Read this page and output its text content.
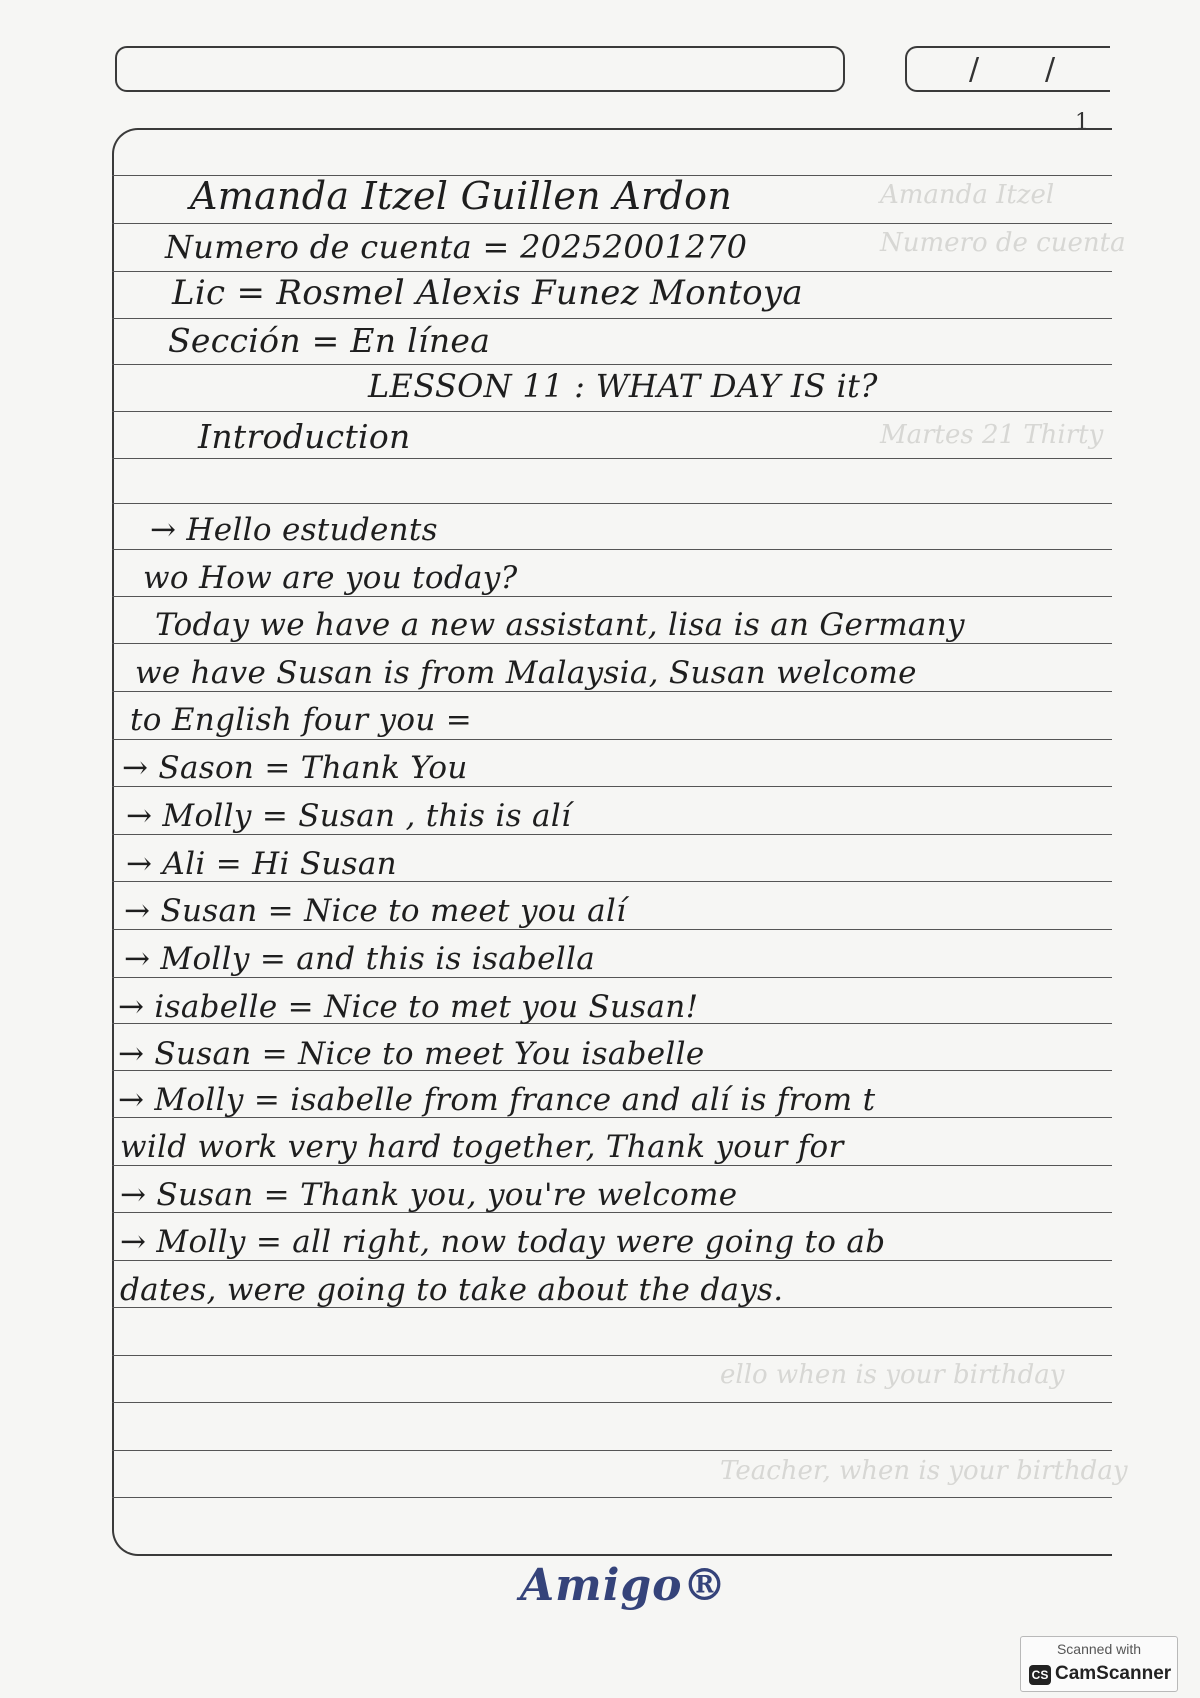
/ /
1
Amanda Itzel
Numero de cuenta
Martes 21 Thirty
ello when is your birthday
Teacher, when is your birthday
Amanda Itzel Guillen Ardon
Numero de cuenta = 20252001270
Lic = Rosmel Alexis Funez Montoya
Sección = En línea
LESSON 11 : WHAT DAY IS it?
Introduction
→ Hello estudents
wo How are you today?
Today we have a new assistant, lisa is an Germany
we have Susan is from Malaysia, Susan welcome
to English four you =
→ Sason = Thank You
→ Molly = Susan , this is alí
→ Ali = Hi Susan
→ Susan = Nice to meet you alí
→ Molly = and this is isabella
→ isabelle = Nice to met you Susan!
→ Susan = Nice to meet You isabelle
→ Molly = isabelle from france and alí is from t
wild work very hard together, Thank your for
→ Susan = Thank you, you're welcome
→ Molly = all right, now today were going to ab
dates, were going to take about the days.
Amigo®
Scanned with
CS CamScanner
